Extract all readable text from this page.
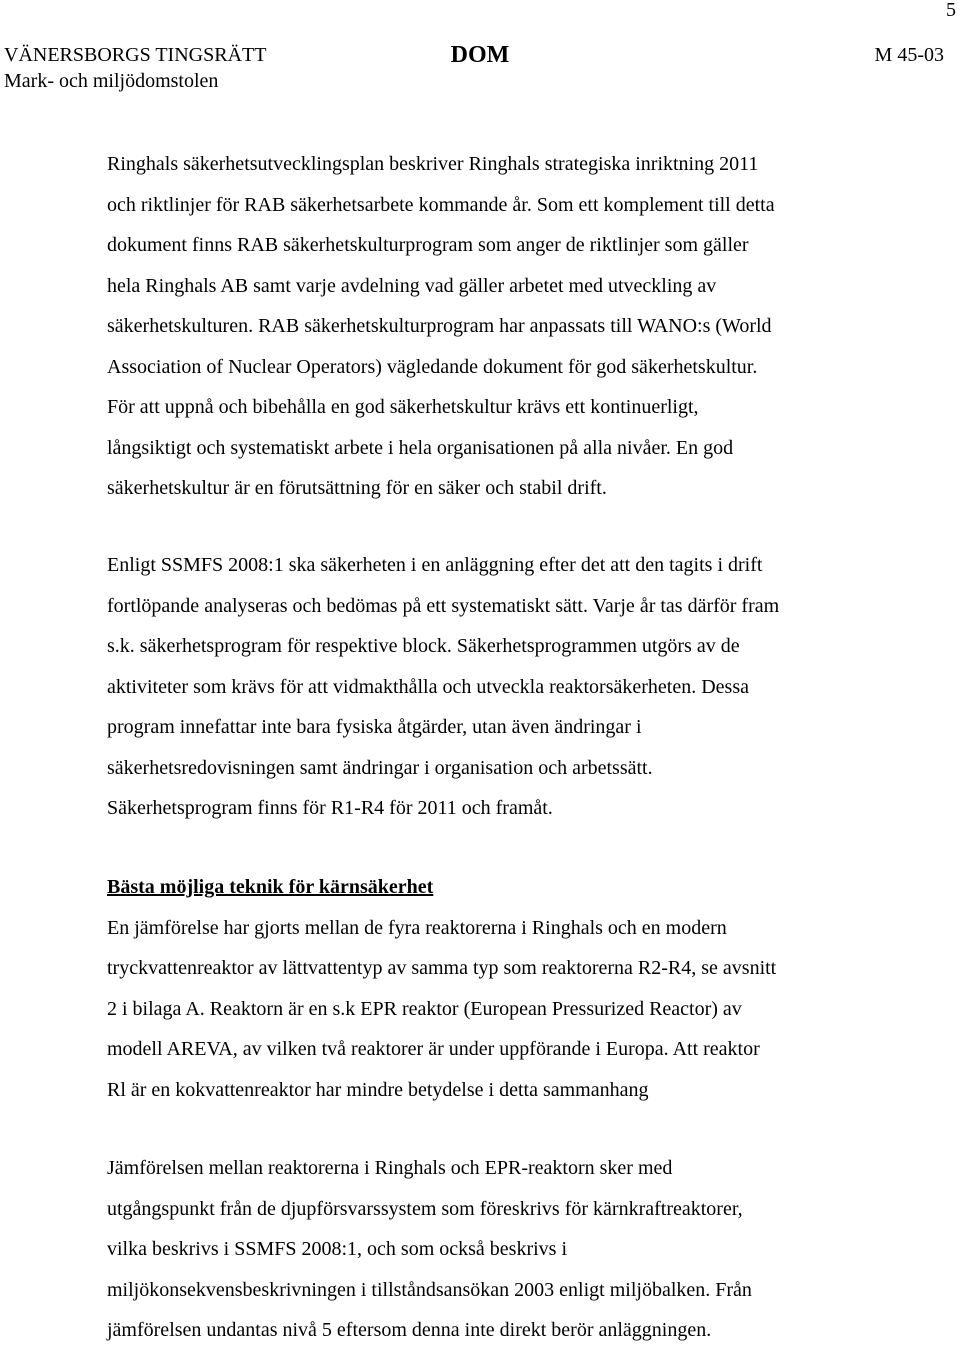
5
VÄNERSBORGS TINGSRÄTT
Mark- och miljödomstolen
DOM	M 45-03
Ringhals säkerhetsutvecklingsplan beskriver Ringhals strategiska inriktning 2011
och riktlinjer för RAB säkerhetsarbete kommande år. Som ett komplement till detta
dokument finns RAB säkerhetskulturprogram som anger de riktlinjer som gäller
hela Ringhals AB samt varje avdelning vad gäller arbetet med utveckling av
säkerhetskulturen. RAB säkerhetskulturprogram har anpassats till WANO:s (World
Association of Nuclear Operators) vägledande dokument för god säkerhetskultur.
För att uppnå och bibehålla en god säkerhetskultur krävs ett kontinuerligt,
långsiktigt och systematiskt arbete i hela organisationen på alla nivåer. En god
säkerhetskultur är en förutsättning för en säker och stabil drift.
Enligt SSMFS 2008:1 ska säkerheten i en anläggning efter det att den tagits i drift
fortlöpande analyseras och bedömas på ett systematiskt sätt. Varje år tas därför fram
s.k. säkerhetsprogram för respektive block. Säkerhetsprogrammen utgörs av de
aktiviteter som krävs för att vidmakthålla och utveckla reaktorsäkerheten. Dessa
program innefattar inte bara fysiska åtgärder, utan även ändringar i
säkerhetsredovisningen samt ändringar i organisation och arbetssätt.
Säkerhetsprogram finns för R1-R4 för 2011 och framåt.
Bästa möjliga teknik för kärnsäkerhet
En jämförelse har gjorts mellan de fyra reaktorerna i Ringhals och en modern
tryckvattenreaktor av lättvattentyp av samma typ som reaktorerna R2-R4, se avsnitt
2 i bilaga A. Reaktorn är en s.k EPR reaktor (European Pressurized Reactor) av
modell AREVA, av vilken två reaktorer är under uppförande i Europa. Att reaktor
Rl är en kokvattenreaktor har mindre betydelse i detta sammanhang
Jämförelsen mellan reaktorerna i Ringhals och EPR-reaktorn sker med
utgångspunkt från de djupförsvarssystem som föreskrivs för kärnkraftreaktorer,
vilka beskrivs i SSMFS 2008:1, och som också beskrivs i
miljökonsekvensbeskrivningen i tillståndsansökan 2003 enligt miljöbalken. Från
jämförelsen undantas nivå 5 eftersom denna inte direkt berör anläggningen.
